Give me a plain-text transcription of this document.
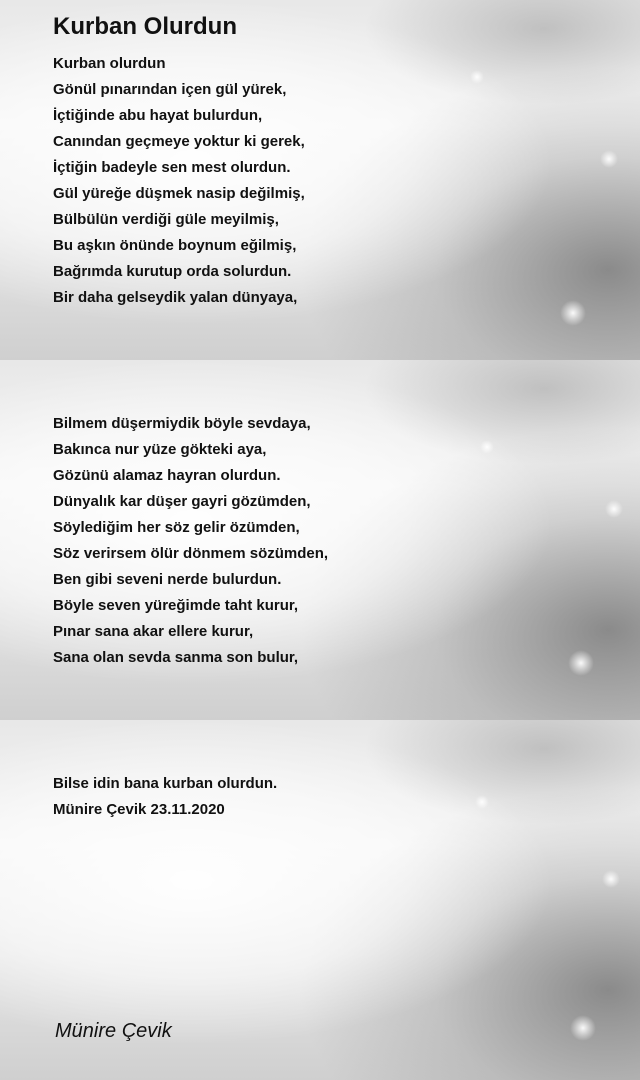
Kurban Olurdun
Kurban olurdun
Gönül pınarından içen gül yürek,
İçtiğinde abu hayat bulurdun,
Canından geçmeye yoktur ki gerek,
İçtiğin badeyle sen mest olurdun.
Gül yüreğe düşmek nasip değilmiş,
Bülbülün verdiği güle meyilmiş,
Bu aşkın önünde boynum eğilmiş,
Bağrımda kurutup orda solurdun.
Bir daha gelseydik yalan dünyaya,
Bilmem düşermiydik böyle sevdaya,
Bakınca nur yüze gökteki aya,
Gözünü alamaz hayran olurdun.
Dünyalık kar düşer gayri gözümden,
Söylediğim her söz gelir özümden,
Söz verirsem ölür dönmem sözümden,
Ben gibi seveni nerde bulurdun.
Böyle seven yüreğimde taht kurur,
Pınar sana akar ellere kurur,
Sana olan sevda sanma son bulur,
Bilse idin bana kurban olurdun.
Münire Çevik 23.11.2020
Münire Çevik
